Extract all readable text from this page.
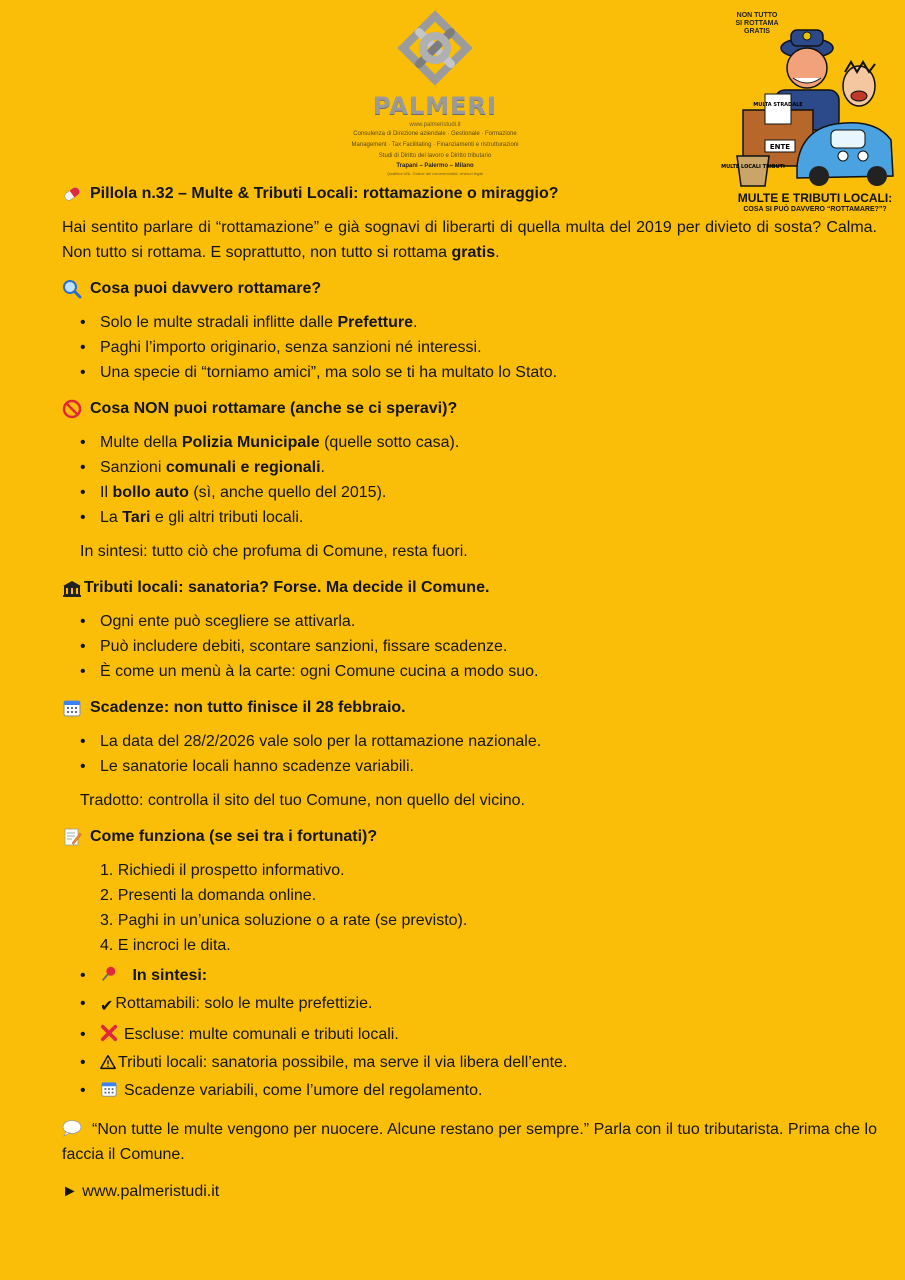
PALMERI
www.palmeristudi.it
Consulenza di Direzione aziendale · Gestionale · Formazione
Management · Tax Facilitating · Finanziamenti e ristrutturazioni
Studi di Diritto del lavoro e Diritto tributario
Trapani – Palermo – Milano
Qualifica UNI, Ordine dei commercialisti, revisori legali
NON TUTTO SI ROTTAMA GRATIS
MULTA STRADALE
ENTE
MULTE LOCALI TRIBUTI
MULTE E TRIBUTI LOCALI:
COSA SI PUÒ DAVVERO “ROTTAMARE?”?
Pillola n.32 – Multe & Tributi Locali: rottamazione o miraggio?

Hai sentito parlare di “rottamazione” e già sognavi di liberarti di quella multa del 2019 per divieto di sosta? Calma. Non tutto si rottama. E soprattutto, non tutto si rottama gratis.

Cosa puoi davvero rottamare?
• Solo le multe stradali inflitte dalle Prefetture.
• Paghi l’importo originario, senza sanzioni né interessi.
• Una specie di “torniamo amici”, ma solo se ti ha multato lo Stato.
Cosa NON puoi rottamare (anche se ci speravi)?
• Multe della Polizia Municipale (quelle sotto casa).
• Sanzioni comunali e regionali.
• Il bollo auto (sì, anche quello del 2015).
• La Tari e gli altri tributi locali.

In sintesi: tutto ciò che profuma di Comune, resta fuori.

Tributi locali: sanatoria? Forse. Ma decide il Comune.
• Ogni ente può scegliere se attivarla.
• Può includere debiti, scontare sanzioni, fissare scadenze.
• È come un menù à la carte: ogni Comune cucina a modo suo.
Scadenze: non tutto finisce il 28 febbraio.
• La data del 28/2/2026 vale solo per la rottamazione nazionale.
• Le sanatorie locali hanno scadenze variabili.

Tradotto: controlla il sito del tuo Comune, non quello del vicino.

Come funziona (se sei tra i fortunati)?
1. Richiedi il prospetto informativo.
2. Presenti la domanda online.
3. Paghi in un’unica soluzione o a rate (se previsto).
4. E incroci le dita.
• In sintesi:
• ✔ Rottamabili: solo le multe prefettizie.
• Escluse: multe comunali e tributi locali.
• Tributi locali: sanatoria possibile, ma serve il via libera dell’ente.
• Scadenze variabili, come l’umore del regolamento.

“Non tutte le multe vengono per nuocere. Alcune restano per sempre.” Parla con il tuo tributarista. Prima che lo faccia il Comune.

► www.palmeristudi.it
